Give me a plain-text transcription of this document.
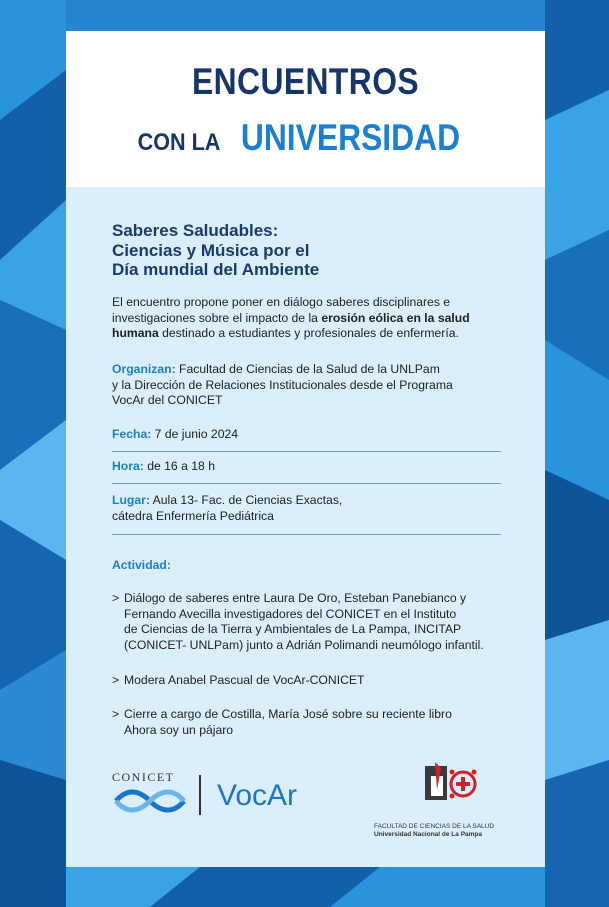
ENCUENTROS
CON LA UNIVERSIDAD
Saberes Saludables:
Ciencias y Música por el
Día mundial del Ambiente
El encuentro propone poner en diálogo saberes disciplinares e investigaciones sobre el impacto de la erosión eólica en la salud humana destinado a estudiantes y profesionales de enfermería.
Organizan: Facultad de Ciencias de la Salud de la UNLPam
y la Dirección de Relaciones Institucionales desde el Programa
VocAr del CONICET
Fecha: 7 de junio 2024
Hora: de 16 a 18 h
Lugar: Aula 13- Fac. de Ciencias Exactas,
cátedra Enfermería Pediátrica
Actividad:
> Diálogo de saberes entre Laura De Oro, Esteban Panebianco y
Fernando Avecilla investigadores del CONICET en el Instituto
de Ciencias de la Tierra y Ambientales de La Pampa, INCITAP
(CONICET- UNLPam) junto a Adrián Polimandi neumólogo infantil.
> Modera Anabel Pascual de VocAr-CONICET
> Cierre a cargo de Costilla, María José sobre su reciente libro
Ahora soy un pájaro
CONICET
VocAr
FACULTAD DE CIENCIAS DE LA SALUD
Universidad Nacional de La Pampa
